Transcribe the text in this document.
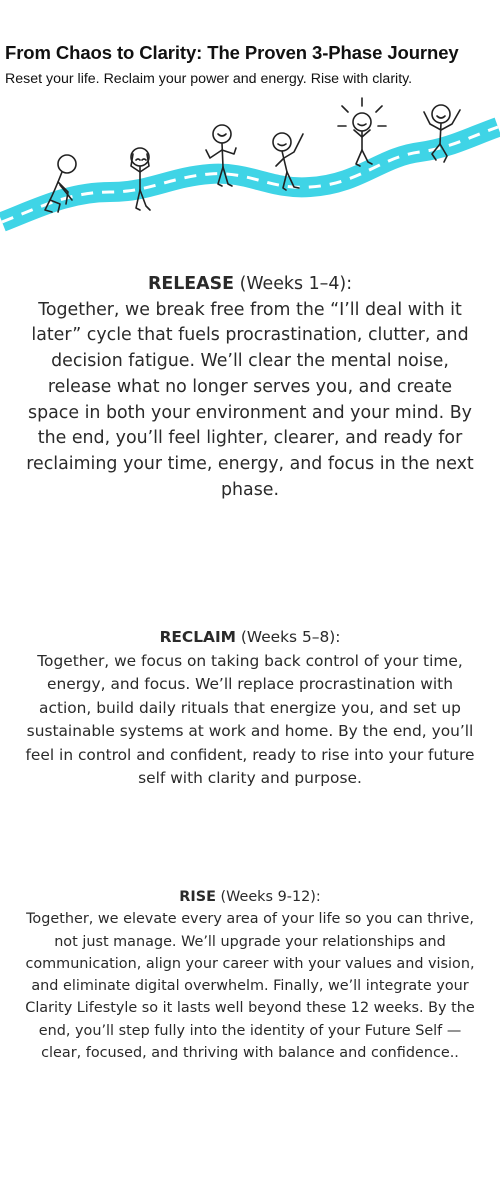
From Chaos to Clarity: The Proven 3-Phase Journey
Reset your life. Reclaim your power and energy. Rise with clarity.
RELEASE (Weeks 1–4):

Together, we break free from the “I’ll deal with it later” cycle that fuels procrastination, clutter, and decision fatigue. We’ll clear the mental noise, release what no longer serves you, and create space in both your environment and your mind. By the end, you’ll feel lighter, clearer, and ready for reclaiming your time, energy, and focus in the next phase.

RECLAIM (Weeks 5–8):

Together, we focus on taking back control of your time, energy, and focus. We’ll replace procrastination with action, build daily rituals that energize you, and set up sustainable systems at work and home. By the end, you’ll feel in control and confident, ready to rise into your future self with clarity and purpose.

RISE (Weeks 9-12):

Together, we elevate every area of your life so you can thrive, not just manage. We’ll upgrade your relationships and communication, align your career with your values and vision, and eliminate digital overwhelm. Finally, we’ll integrate your Clarity Lifestyle so it lasts well beyond these 12 weeks. By the end, you’ll step fully into the identity of your Future Self — clear, focused, and thriving with balance and confidence..
